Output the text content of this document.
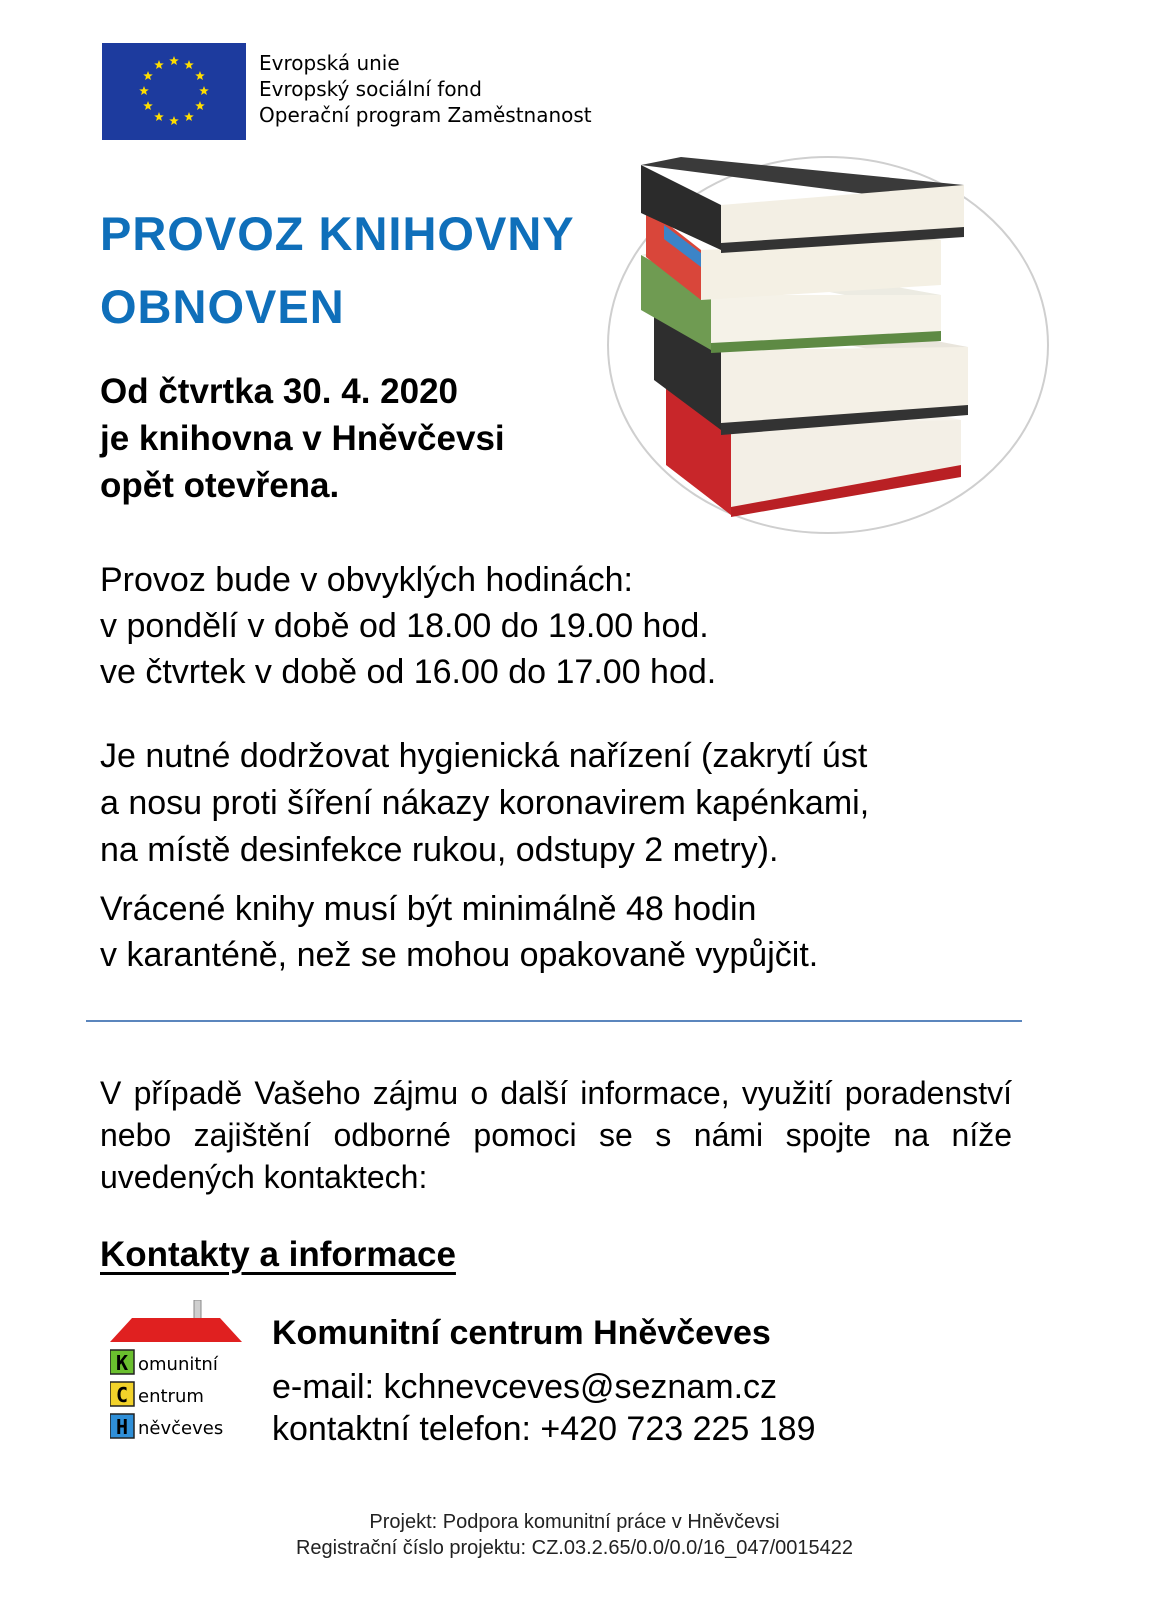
Evropská unie
Evropský sociální fond
Operační program Zaměstnanost
PROVOZ KNIHOVNY
OBNOVEN
Od čtvrtka 30. 4. 2020
je knihovna v Hněvčevsi
opět otevřena.
Provoz bude v obvyklých hodinách:
v pondělí v době od 18.00 do 19.00 hod.
ve čtvrtek v době od 16.00 do 17.00 hod.
Je nutné dodržovat hygienická nařízení (zakrytí úst
a nosu proti šíření nákazy koronavirem kapénkami,
na místě desinfekce rukou, odstupy 2 metry).
Vrácené knihy musí být minimálně 48 hodin
v karanténě, než se mohou opakovaně vypůjčit.
V případě Vašeho zájmu o další informace, využití poradenství nebo zajištění odborné pomoci se s námi spojte na níže uvedených kontaktech:
Kontakty a informace
K
C
H
omunitní
entrum
něvčeves
Komunitní centrum Hněvčeves
e-mail: kchnevceves@seznam.cz
kontaktní telefon: +420 723 225 189
Projekt: Podpora komunitní práce v Hněvčevsi
Registrační číslo projektu: CZ.03.2.65/0.0/0.0/16_047/0015422
